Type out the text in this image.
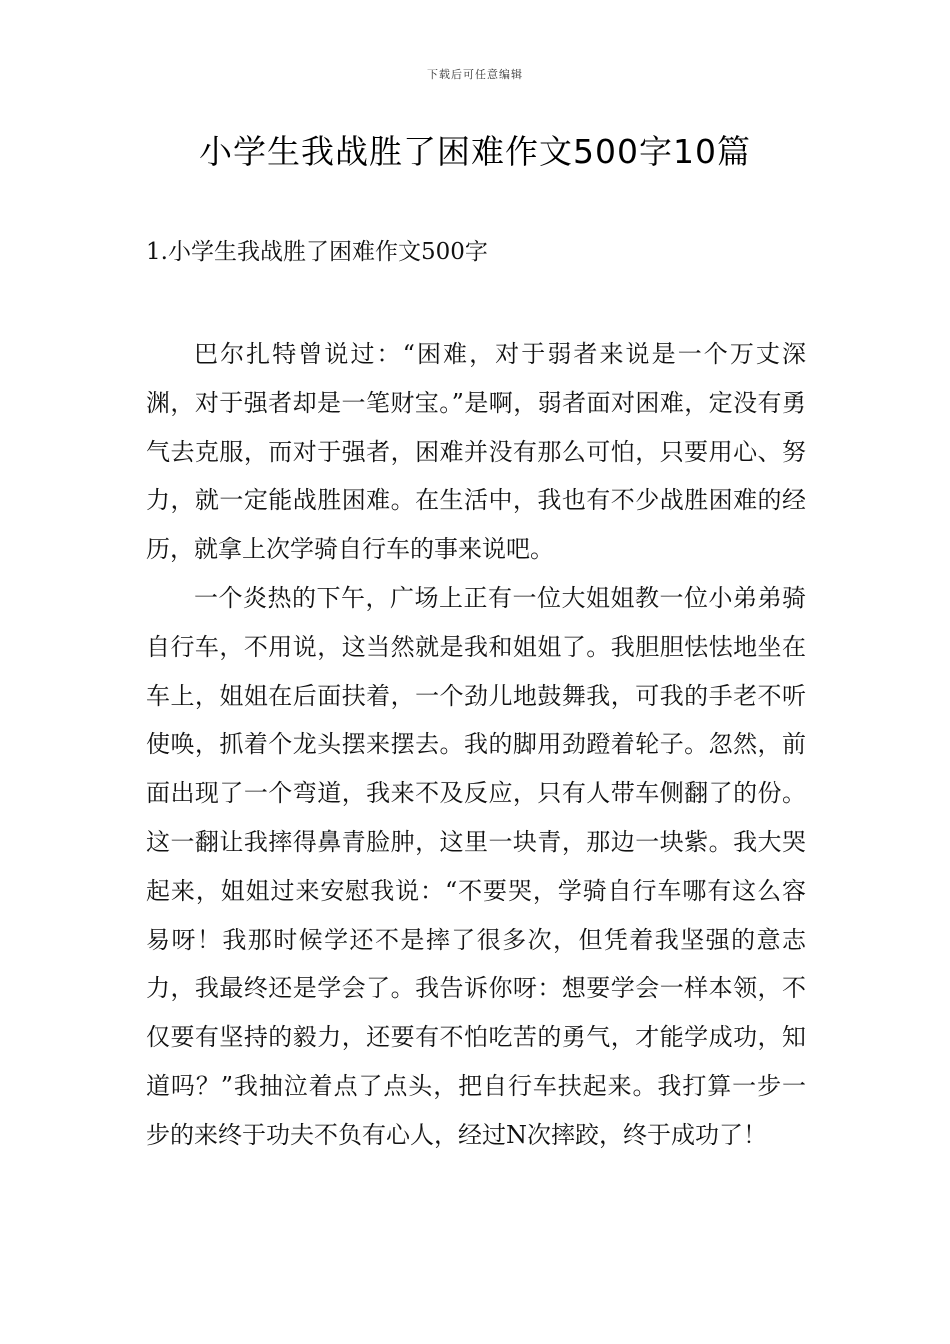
下载后可任意编辑
小学生我战胜了困难作文500字10篇
1.小学生我战胜了困难作文500字

巴尔扎特曾说过：“困难，对于弱者来说是一个万丈深渊，对于强者却是一笔财宝。”是啊，弱者面对困难，定没有勇气去克服，而对于强者，困难并没有那么可怕，只要用心、努力，就一定能战胜困难。在生活中，我也有不少战胜困难的经历，就拿上次学骑自行车的事来说吧。

一个炎热的下午，广场上正有一位大姐姐教一位小弟弟骑自行车，不用说，这当然就是我和姐姐了。我胆胆怯怯地坐在车上，姐姐在后面扶着，一个劲儿地鼓舞我，可我的手老不听使唤，抓着个龙头摆来摆去。我的脚用劲蹬着轮子。忽然，前面出现了一个弯道，我来不及反应，只有人带车侧翻了的份。这一翻让我摔得鼻青脸肿，这里一块青，那边一块紫。我大哭起来，姐姐过来安慰我说：“不要哭，学骑自行车哪有这么容易呀！我那时候学还不是摔了很多次，但凭着我坚强的意志力，我最终还是学会了。我告诉你呀：想要学会一样本领，不仅要有坚持的毅力，还要有不怕吃苦的勇气，才能学成功，知道吗？”我抽泣着点了点头，把自行车扶起来。我打算一步一步的来终于功夫不负有心人，经过N次摔跤，终于成功了！
